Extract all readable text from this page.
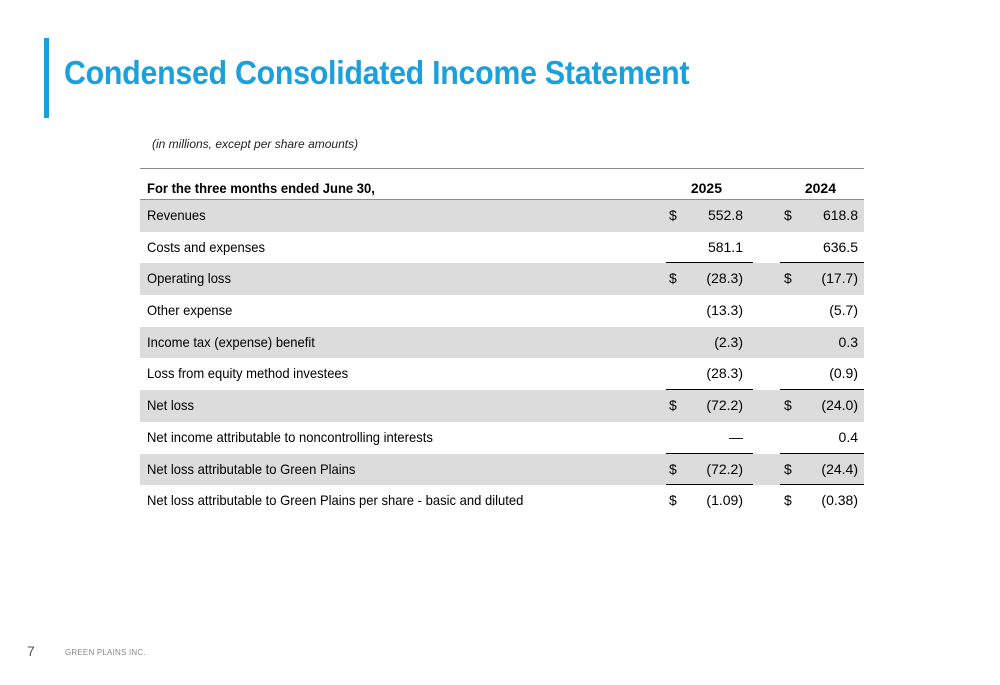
Condensed Consolidated Income Statement
(in millions, except per share amounts)
For the three months ended June 30,	2025	2024
Revenues	$	552.8	$	618.8
Costs and expenses	581.1	636.5
Operating loss	$	(28.3)	$	(17.7)
Other expense	(13.3)	(5.7)
Income tax (expense) benefit	(2.3)	0.3
Loss from equity method investees	(28.3)	(0.9)
Net loss	$	(72.2)	$	(24.0)
Net income attributable to noncontrolling interests	—	0.4
Net loss attributable to Green Plains	$	(72.2)	$	(24.4)
Net loss attributable to Green Plains per share - basic and diluted	$	(1.09)	$	(0.38)
7	GREEN PLAINS INC.
